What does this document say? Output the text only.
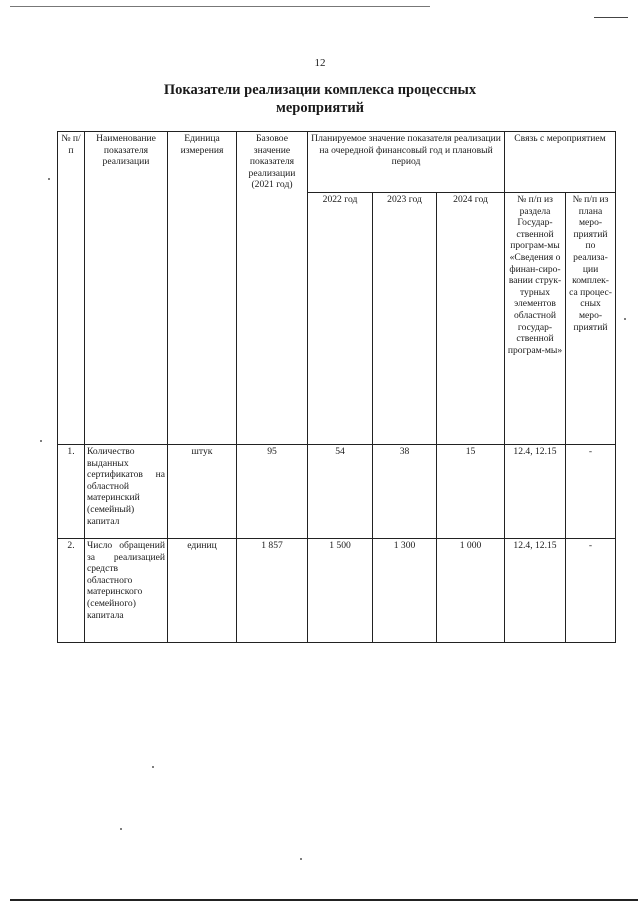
12
Показатели реализации комплекса процессных мероприятий
№ п/п	Наименование показателя реализации	Единица измерения	Базовое значение показателя реализации (2021 год)	Планируемое значение показателя реализации на очередной финансовый год и плановый период			Связь с мероприятием	
				2022 год	2023 год	2024 год	№ п/п из раздела Государ-ственной програм-мы «Сведения о финан-сиро-вании струк-турных элементов областной государ-ственной програм-мы»	№ п/п из плана меро-приятий по реализа-ции комплек-са процес-сных меро-приятий
1.	Количество выданных сертификатов на областной материнский (семейный) капитал	штук	95	54	38	15	12.4, 12.15	-
2.	Число обращений за реализацией средств областного материнского (семейного) капитала	единиц	1 857	1 500	1 300	1 000	12.4, 12.15	-
